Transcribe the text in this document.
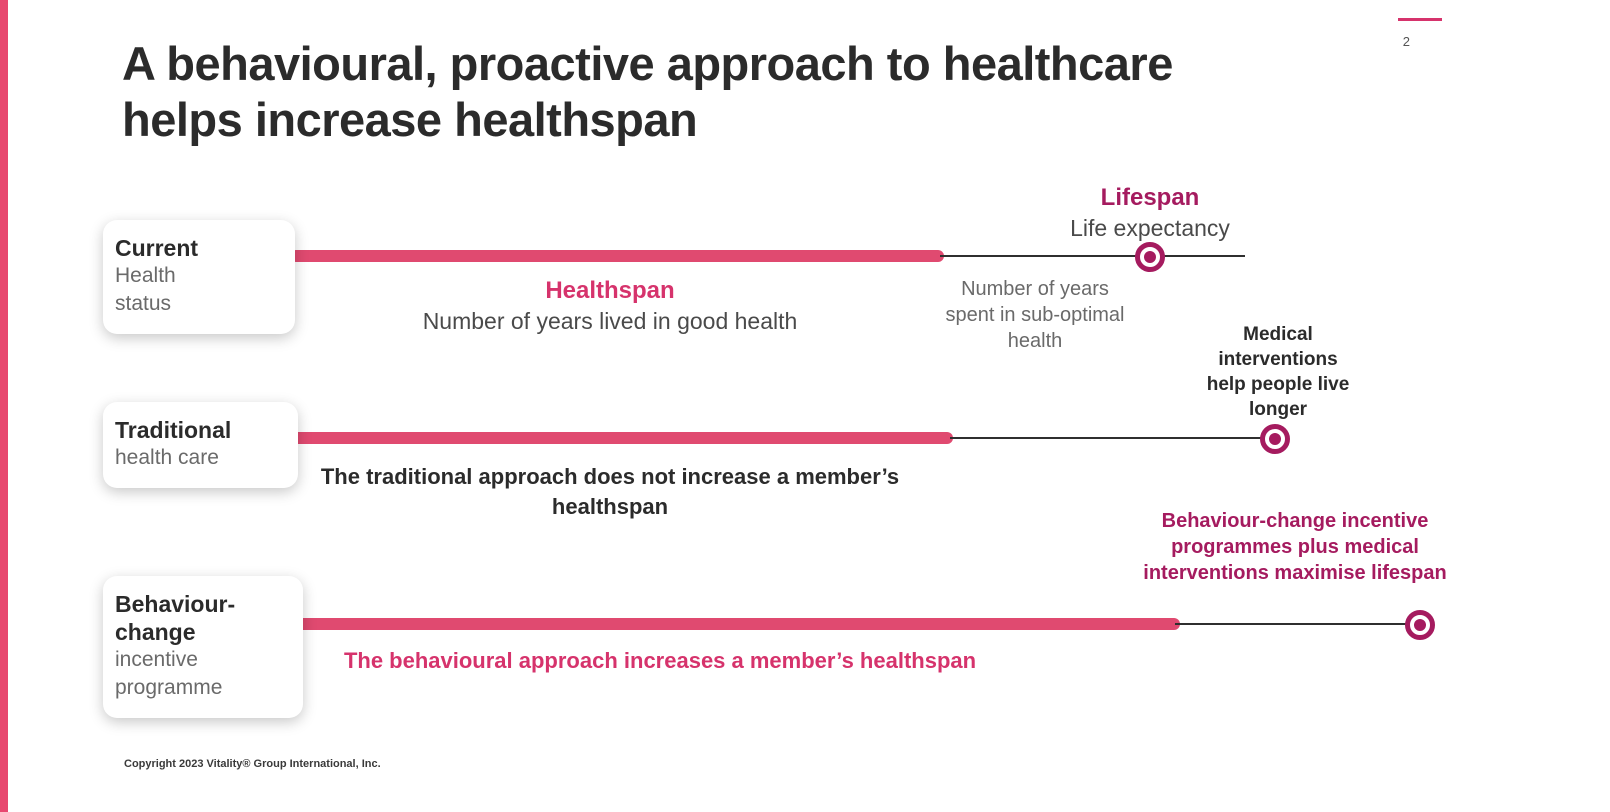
2
A behavioural, proactive approach to healthcare helps increase healthspan
Current
Health
status	Healthspan
Number of years lived in good health
Number of years spent in sub-optimal health
Lifespan
Life expectancy
Traditional
health care
The traditional approach does not increase a member’s healthspan
Medical interventions help people live longer
Behaviour-
change
incentive
programme
The behavioural approach increases a member’s healthspan
Behaviour-change incentive programmes plus medical interventions maximise lifespan
Copyright 2023 Vitality® Group International, Inc.
